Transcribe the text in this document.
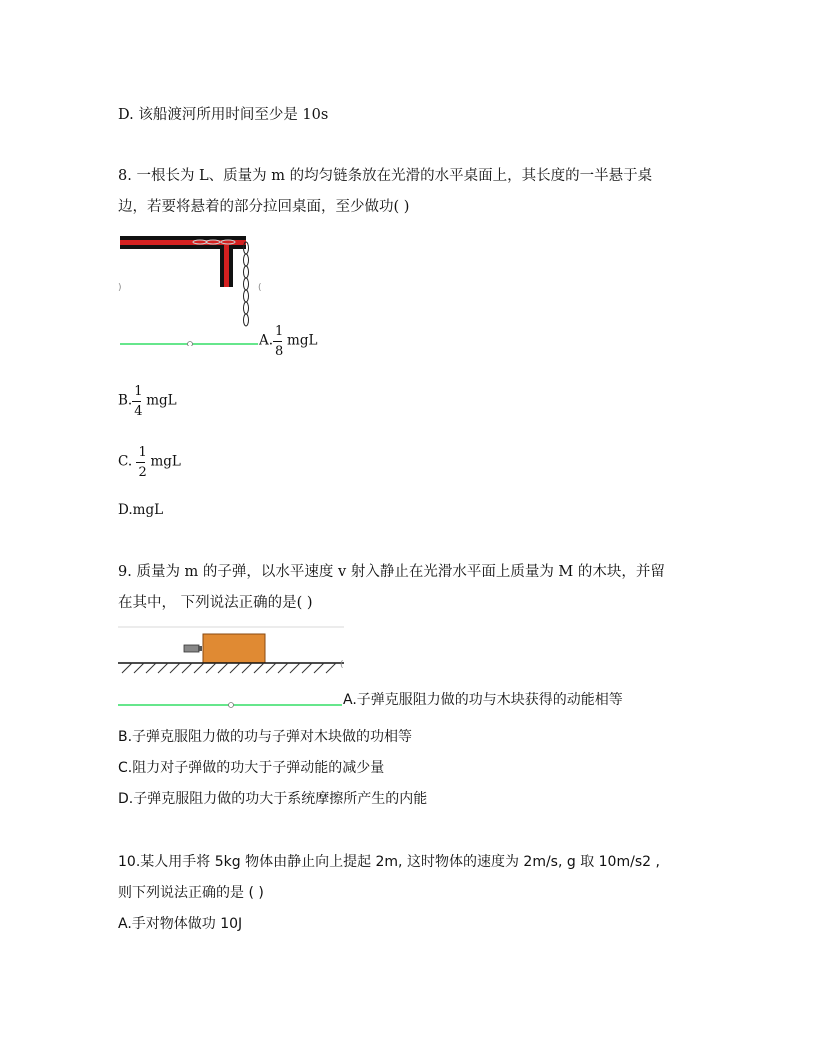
D. 该船渡河所用时间至少是 10s
8. 一根长为 L、质量为 m 的均匀链条放在光滑的水平桌面上，其长度的一半悬于桌
边，若要将悬着的部分拉回桌面，至少做功( )
)	(
A. $\frac{1}{8}$ mgL
B. $\frac{1}{4}$ mgL
C. $\frac{1}{2}$ mgL
D.mgL
9. 质量为 m 的子弹，以水平速度 v 射入静止在光滑水平面上质量为 M 的木块，并留
在其中， 下列说法正确的是( )
(
A.子弹克服阻力做的功与木块获得的动能相等
B.子弹克服阻力做的功与子弹对木块做的功相等
C.阻力对子弹做的功大于子弹动能的减少量
D.子弹克服阻力做的功大于系统摩擦所产生的内能
10.某人用手将 5kg 物体由静止向上提起 2m, 这时物体的速度为 2m/s, g 取 10m/s2 ,
则下列说法正确的是 ( )
A.手对物体做功 10J
